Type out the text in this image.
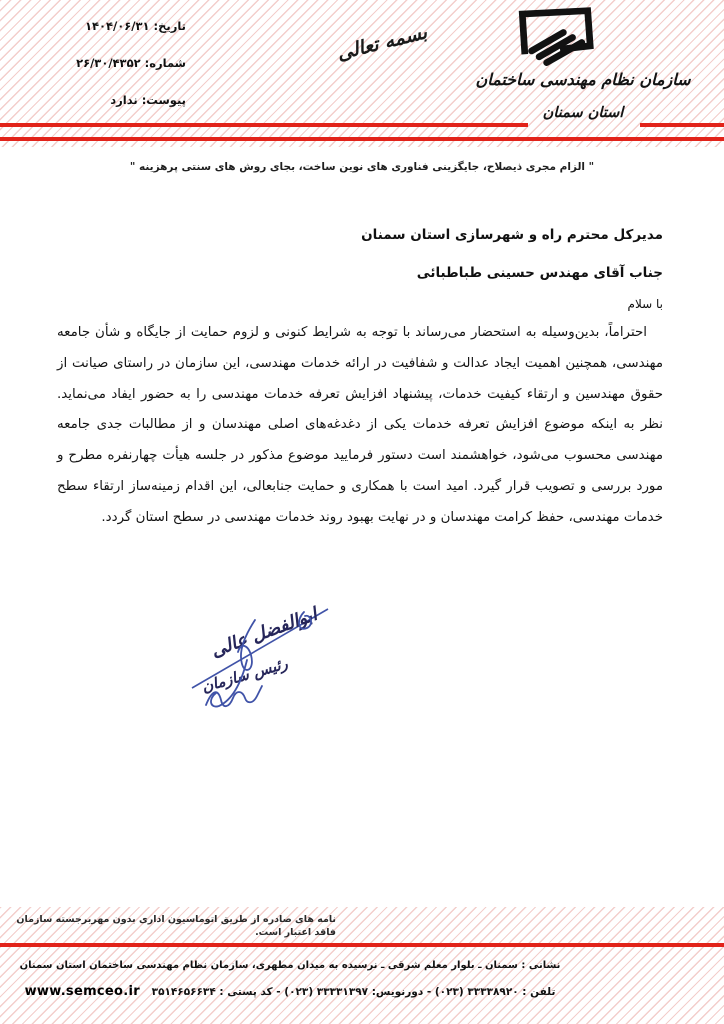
تاریخ: ۱۴۰۴/۰۶/۳۱
شماره: ۲۶/۳۰/۴۳۵۲
پیوست: ندارد
بسمه تعالی
سازمان نظام مهندسی ساختمان
استان سمنان
" الزام مجری ذیصلاح، جایگزینی فناوری های نوین ساخت، بجای روش های سنتی پرهزینه "
مدیرکل محترم راه و شهرسازی استان سمنان
جناب آقای مهندس حسینی طباطبائی
با سلام
احتراماً، بدین‌وسیله به استحضار می‌رساند با توجه به شرایط کنونی و لزوم حمایت از جایگاه و شأن جامعه مهندسی، همچنین اهمیت ایجاد عدالت و شفافیت در ارائه خدمات مهندسی، این سازمان در راستای صیانت از حقوق مهندسین و ارتقاء کیفیت خدمات، پیشنهاد افزایش تعرفه خدمات مهندسی را به حضور ایفاد می‌نماید. نظر به اینکه موضوع افزایش تعرفه خدمات یکی از دغدغه‌های اصلی مهندسان و از مطالبات جدی جامعه مهندسی محسوب می‌شود، خواهشمند است دستور فرمایید موضوع مذکور در جلسه هیأت چهارنفره مطرح و مورد بررسی و تصویب قرار گیرد. امید است با همکاری و حمایت جنابعالی، این اقدام زمینه‌ساز ارتقاء سطح خدمات مهندسی، حفظ کرامت مهندسان و در نهایت بهبود روند خدمات مهندسی در سطح استان گردد.
ابوالفضل عالی
رئیس سازمان
نامه های صادره از طریق اتوماسیون اداری بدون مهربرجسته سازمان فاقد اعتبار است.
نشانی : سمنان ـ بلوار معلم شرقی ـ نرسیده به میدان مطهری، سازمان نظام مهندسی ساختمان استان سمنان
تلفن : ۳۳۳۳۸۹۲۰ (۰۲۳) - دورنویس: ۳۳۳۳۱۳۹۷ (۰۲۳) - کد پستی : ۳۵۱۴۶۵۶۶۳۴ www.semceo.ir
